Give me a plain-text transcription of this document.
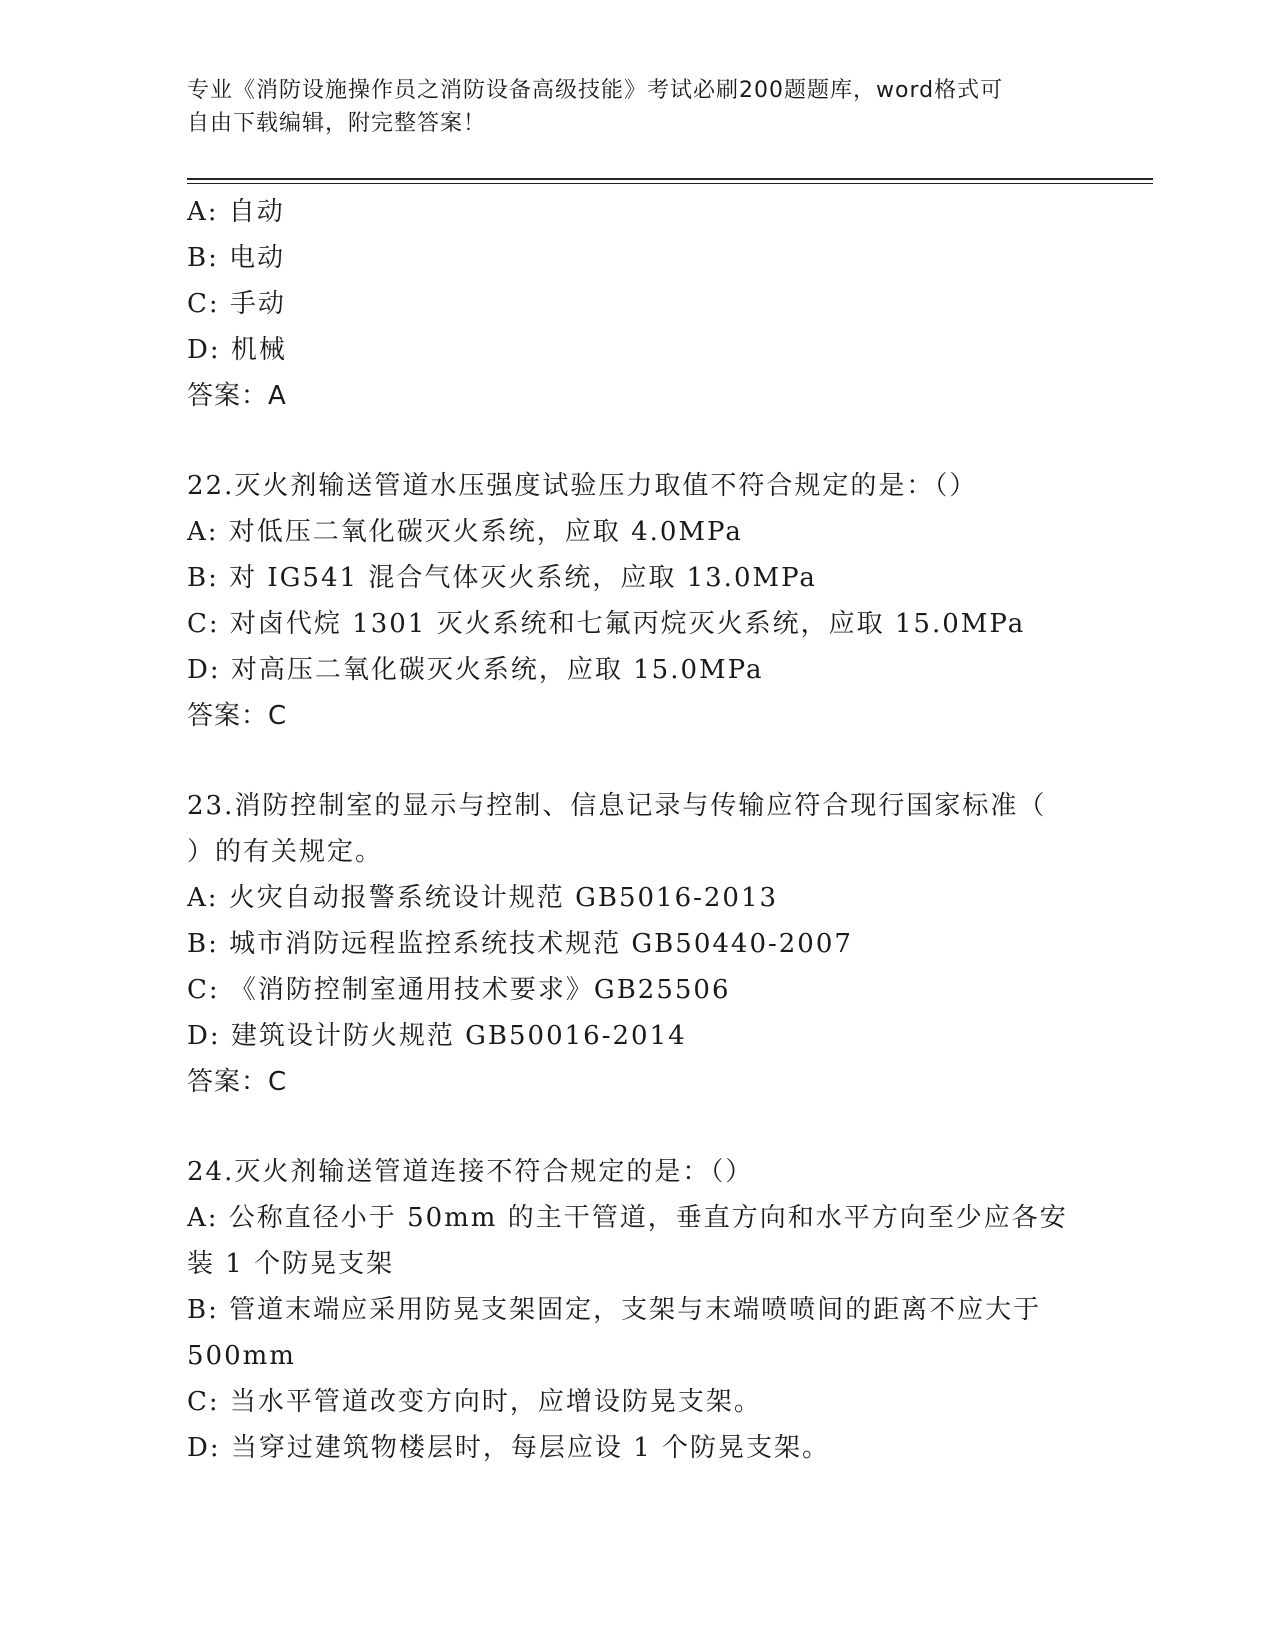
专业《消防设施操作员之消防设备高级技能》考试必刷200题题库，word格式可
自由下载编辑，附完整答案！
A: 自动
B: 电动
C: 手动
D: 机械
答案：A
22.灭火剂输送管道水压强度试验压力取值不符合规定的是：（）
A: 对低压二氧化碳灭火系统，应取 4.0MPa
B: 对 IG541 混合气体灭火系统，应取 13.0MPa
C: 对卤代烷 1301 灭火系统和七氟丙烷灭火系统，应取 15.0MPa
D: 对高压二氧化碳灭火系统，应取 15.0MPa
答案：C
23.消防控制室的显示与控制、信息记录与传输应符合现行国家标准（
）的有关规定。
A: 火灾自动报警系统设计规范 GB5016-2013
B: 城市消防远程监控系统技术规范 GB50440-2007
C: 《消防控制室通用技术要求》GB25506
D: 建筑设计防火规范 GB50016-2014
答案：C
24.灭火剂输送管道连接不符合规定的是：（）
A: 公称直径小于 50mm 的主干管道，垂直方向和水平方向至少应各安
装 1 个防晃支架
B: 管道末端应采用防晃支架固定，支架与末端喷喷间的距离不应大于
500mm
C: 当水平管道改变方向时，应增设防晃支架。
D: 当穿过建筑物楼层时，每层应设 1 个防晃支架。
